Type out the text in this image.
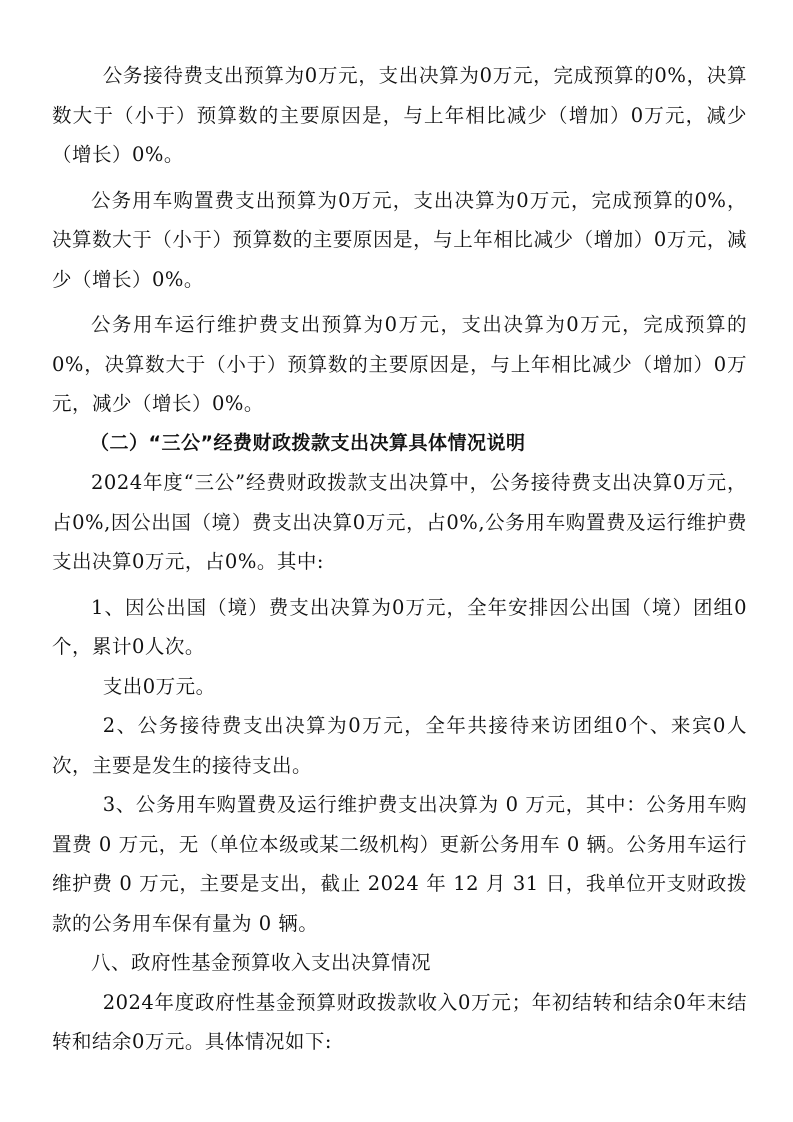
公务接待费支出预算为0万元，支出决算为0万元，完成预算的0%，决算数大于（小于）预算数的主要原因是，与上年相比减少（增加）0万元，减少（增长）0%。

公务用车购置费支出预算为0万元，支出决算为0万元，完成预算的0%，决算数大于（小于）预算数的主要原因是，与上年相比减少（增加）0万元，减少（增长）0%。

公务用车运行维护费支出预算为0万元，支出决算为0万元，完成预算的0%，决算数大于（小于）预算数的主要原因是，与上年相比减少（增加）0万元，减少（增长）0%。

（二）“三公”经费财政拨款支出决算具体情况说明

2024年度“三公”经费财政拨款支出决算中，公务接待费支出决算0万元，占0%,因公出国（境）费支出决算0万元，占0%,公务用车购置费及运行维护费支出决算0万元，占0%。其中:

1、因公出国（境）费支出决算为0万元，全年安排因公出国（境）团组0个，累计0人次。

支出0万元。

2、公务接待费支出决算为0万元，全年共接待来访团组0个、来宾0人次，主要是发生的接待支出。

3、公务用车购置费及运行维护费支出决算为 0 万元，其中：公务用车购置费 0 万元，无（单位本级或某二级机构）更新公务用车 0 辆。公务用车运行维护费 0 万元，主要是支出，截止 2024 年 12 月 31 日，我单位开支财政拨款的公务用车保有量为 0 辆。

八、政府性基金预算收入支出决算情况

2024年度政府性基金预算财政拨款收入0万元；年初结转和结余0年末结转和结余0万元。具体情况如下:
